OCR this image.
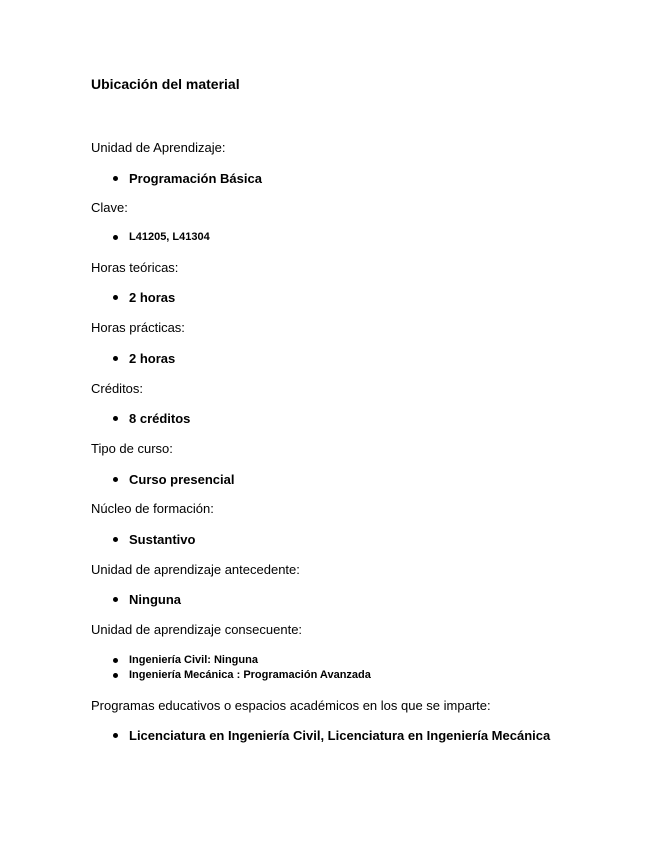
Ubicación del material
Unidad de Aprendizaje:
Programación Básica
Clave:
L41205, L41304
Horas teóricas:
2 horas
Horas prácticas:
2 horas
Créditos:
8 créditos
Tipo de curso:
Curso presencial
Núcleo de formación:
Sustantivo
Unidad de aprendizaje antecedente:
Ninguna
Unidad de aprendizaje consecuente:
Ingeniería Civil: Ninguna
Ingeniería Mecánica : Programación Avanzada
Programas educativos o espacios académicos en los que se imparte:
Licenciatura en Ingeniería Civil, Licenciatura en Ingeniería Mecánica
